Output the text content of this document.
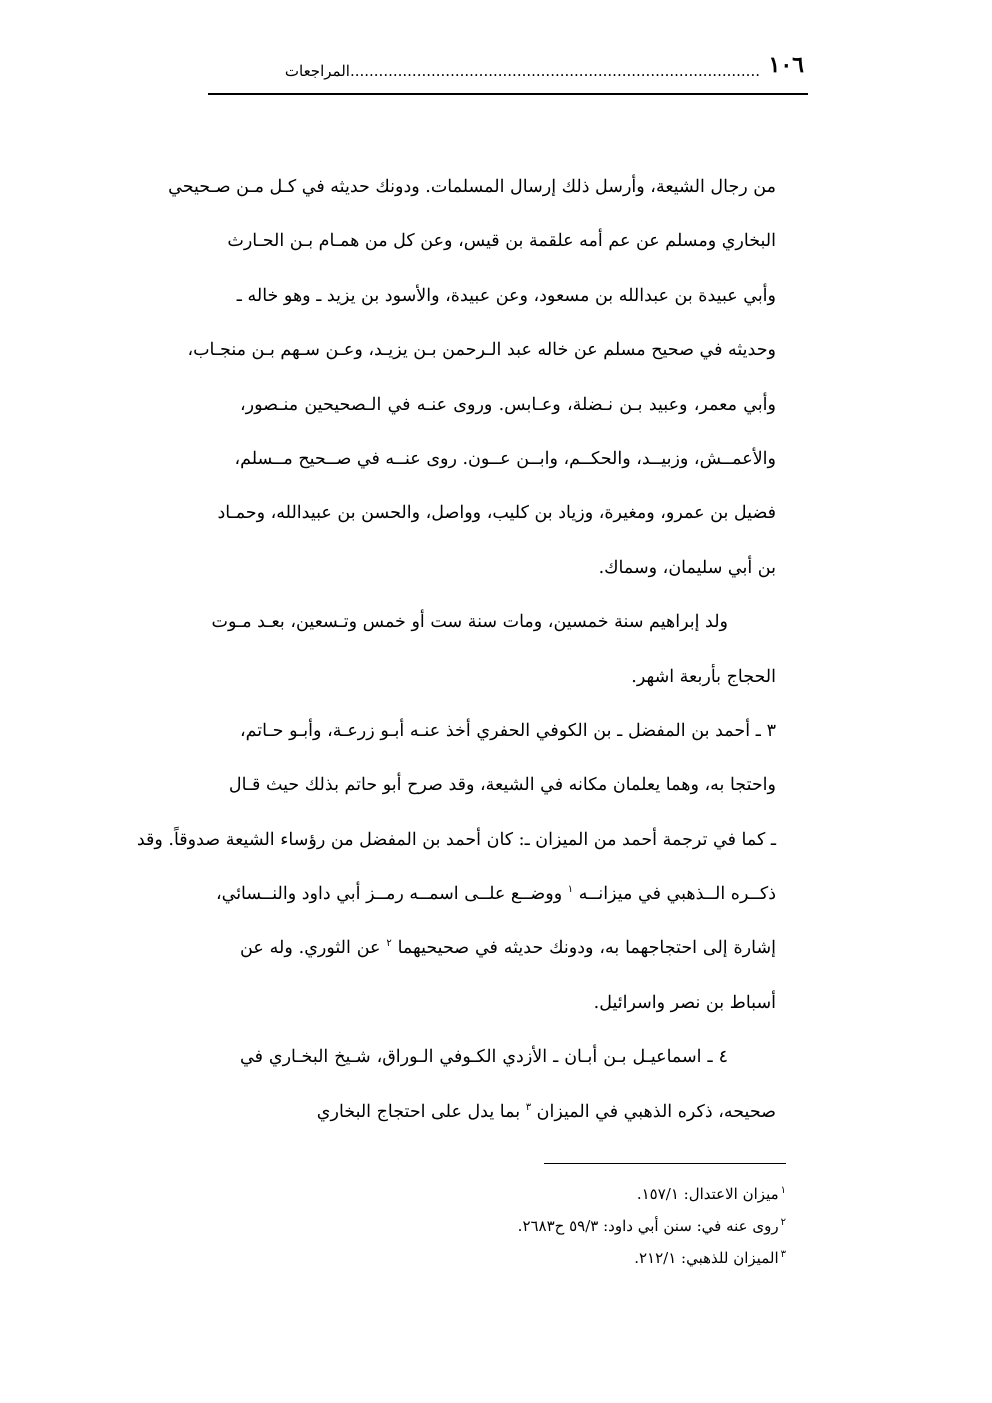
١٠٦
......................................................................................المراجعات
من رجال الشيعة، وأرسل ذلك إرسال المسلمات. ودونك حديثه في كـل مـن صـحيحي
البخاري ومسلم عن عم أمه علقمة بن قيس، وعن كل من همـام بـن الحـارث
وأبي عبيدة بن عبدالله بن مسعود، وعن عبيدة، والأسود بن يزيد ـ وهو خاله ـ
وحديثه في صحيح مسلم عن خاله عبد الـرحمن بـن يزيـد، وعـن سـهم بـن منجـاب،
وأبي معمر، وعبيد بـن نـضلة، وعـابس. وروى عنـه في الـصحيحين منـصور،
والأعمــش، وزبيــد، والحكــم، وابــن عــون. روى عنــه في صــحيح مــسلم،
فضيل بن عمرو، ومغيرة، وزياد بن كليب، وواصل، والحسن بن عبيدالله، وحمـاد
بن أبي سليمان، وسماك.
ولد إبراهيم سنة خمسين، ومات سنة ست أو خمس وتـسعين، بعـد مـوت
الحجاج بأربعة اشهر.
٣ ـ أحمد بن المفضل ـ بن الكوفي الحفري أخذ عنـه أبـو زرعـة، وأبـو حـاتم،
واحتجا به، وهما يعلمان مكانه في الشيعة، وقد صرح أبو حاتم بذلك حيث قـال
ـ كما في ترجمة أحمد من الميزان ـ: كان أحمد بن المفضل من رؤساء الشيعة صدوقاً. وقد
ذكــره الــذهبي في ميزانــه $^١$ ووضــع علــى اسمــه رمــز أبي داود والنــسائي،
إشارة إلى احتجاجهما به، ودونك حديثه في صحيحيهما $^٢$ عن الثوري. وله عن
أسباط بن نصر واسرائيل.
٤ ـ اسماعيـل بـن أبـان ـ الأزدي الكـوفي الـوراق، شـيخ البخـاري في
صحيحه، ذكره الذهبي في الميزان $^٣$ بما يدل على احتجاج البخاري
$^١$ميزان الاعتدال: ١٥٧/١.
$^٢$روى عنه في: سنن أبي داود: ٥٩/٣ ح٢٦٨٣.
$^٣$الميزان للذهبي: ٢١٢/١.
